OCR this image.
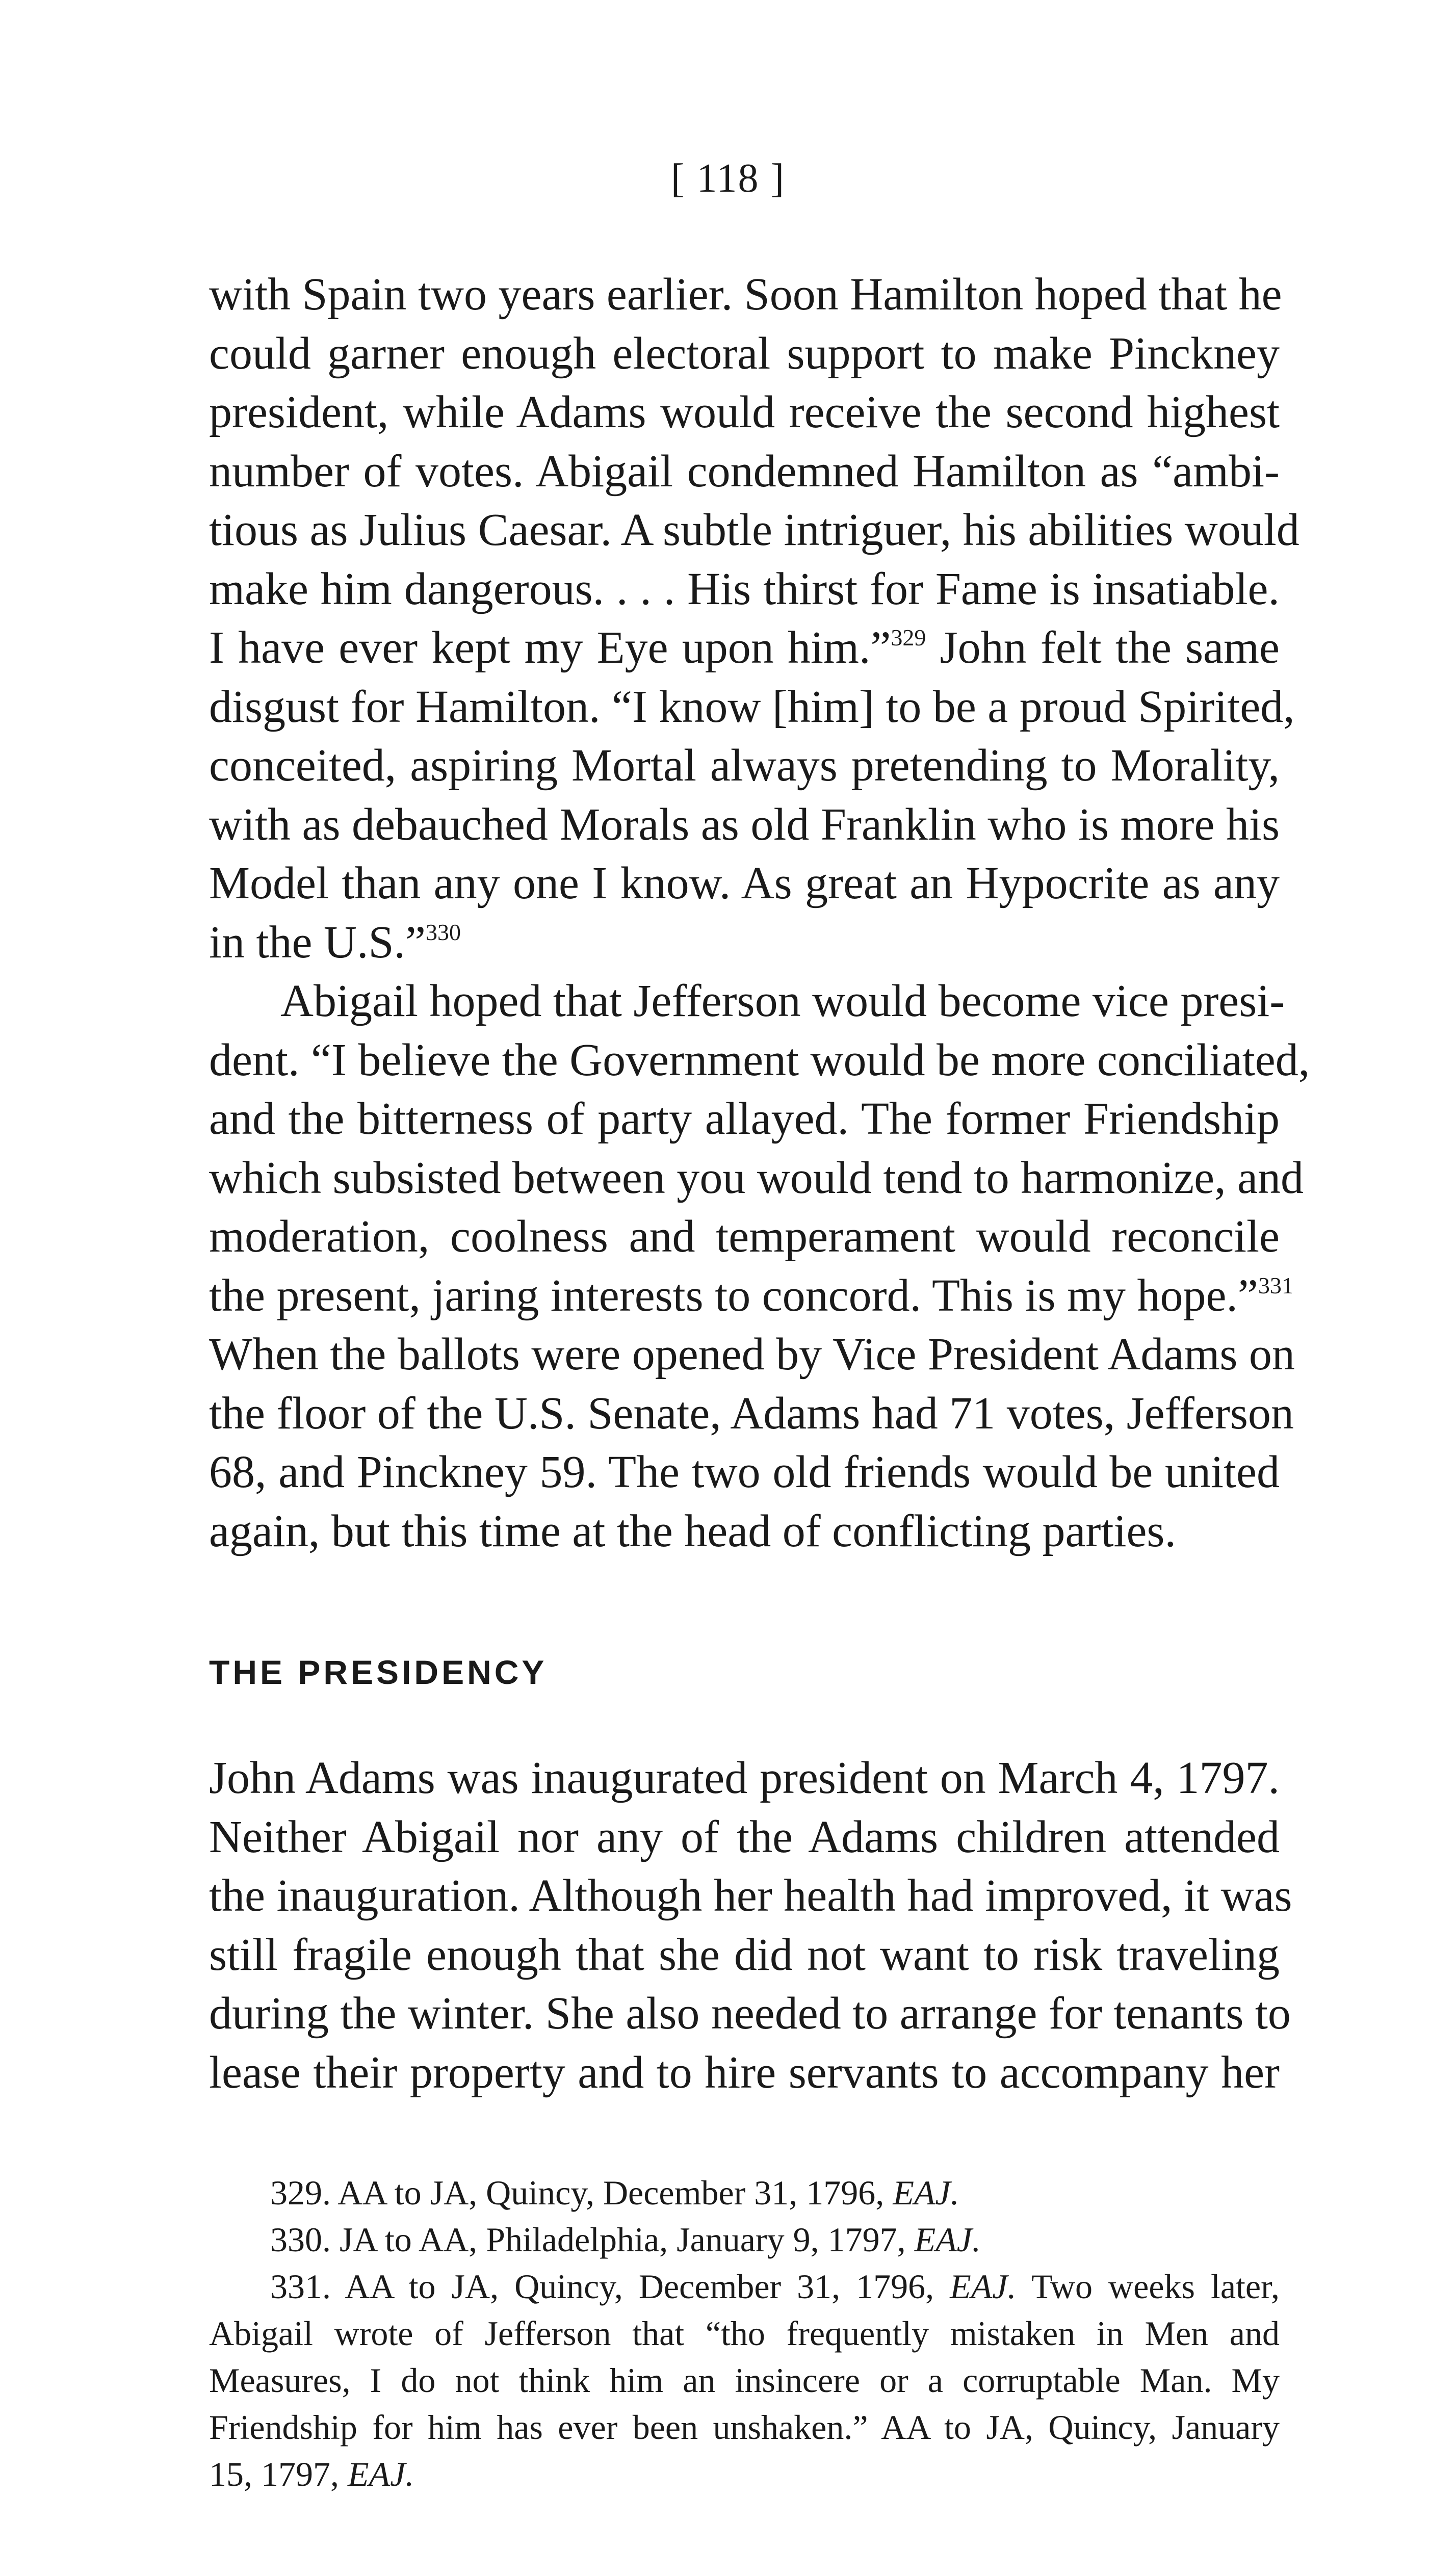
[ 118 ]

with Spain two years earlier. Soon Hamilton hoped that he
could garner enough electoral support to make Pinckney
president, while Adams would receive the second highest
number of votes. Abigail condemned Hamilton as “ambi-
tious as Julius Caesar. A subtle intriguer, his abilities would
make him dangerous. . . . His thirst for Fame is insatiable.
I have ever kept my Eye upon him.”$^{329}$ John felt the same
disgust for Hamilton. “I know [him] to be a proud Spirited,
conceited, aspiring Mortal always pretending to Morality,
with as debauched Morals as old Franklin who is more his
Model than any one I know. As great an Hypocrite as any
in the U.S.”$^{330}$

Abigail hoped that Jefferson would become vice presi-
dent. “I believe the Government would be more conciliated,
and the bitterness of party allayed. The former Friendship
which subsisted between you would tend to harmonize, and
moderation, coolness and temperament would reconcile
the present, jaring interests to concord. This is my hope.”$^{331}$
When the ballots were opened by Vice President Adams on
the floor of the U.S. Senate, Adams had 71 votes, Jefferson
68, and Pinckney 59. The two old friends would be united
again, but this time at the head of conflicting parties.

THE PRESIDENCY

John Adams was inaugurated president on March 4, 1797.
Neither Abigail nor any of the Adams children attended
the inauguration. Although her health had improved, it was
still fragile enough that she did not want to risk traveling
during the winter. She also needed to arrange for tenants to
lease their property and to hire servants to accompany her

329. AA to JA, Quincy, December 31, 1796, EAJ.
330. JA to AA, Philadelphia, January 9, 1797, EAJ.
331. AA to JA, Quincy, December 31, 1796, EAJ. Two weeks later,
Abigail wrote of Jefferson that “tho frequently mistaken in Men and
Measures, I do not think him an insincere or a corruptable Man. My
Friendship for him has ever been unshaken.” AA to JA, Quincy, January
15, 1797, EAJ.
